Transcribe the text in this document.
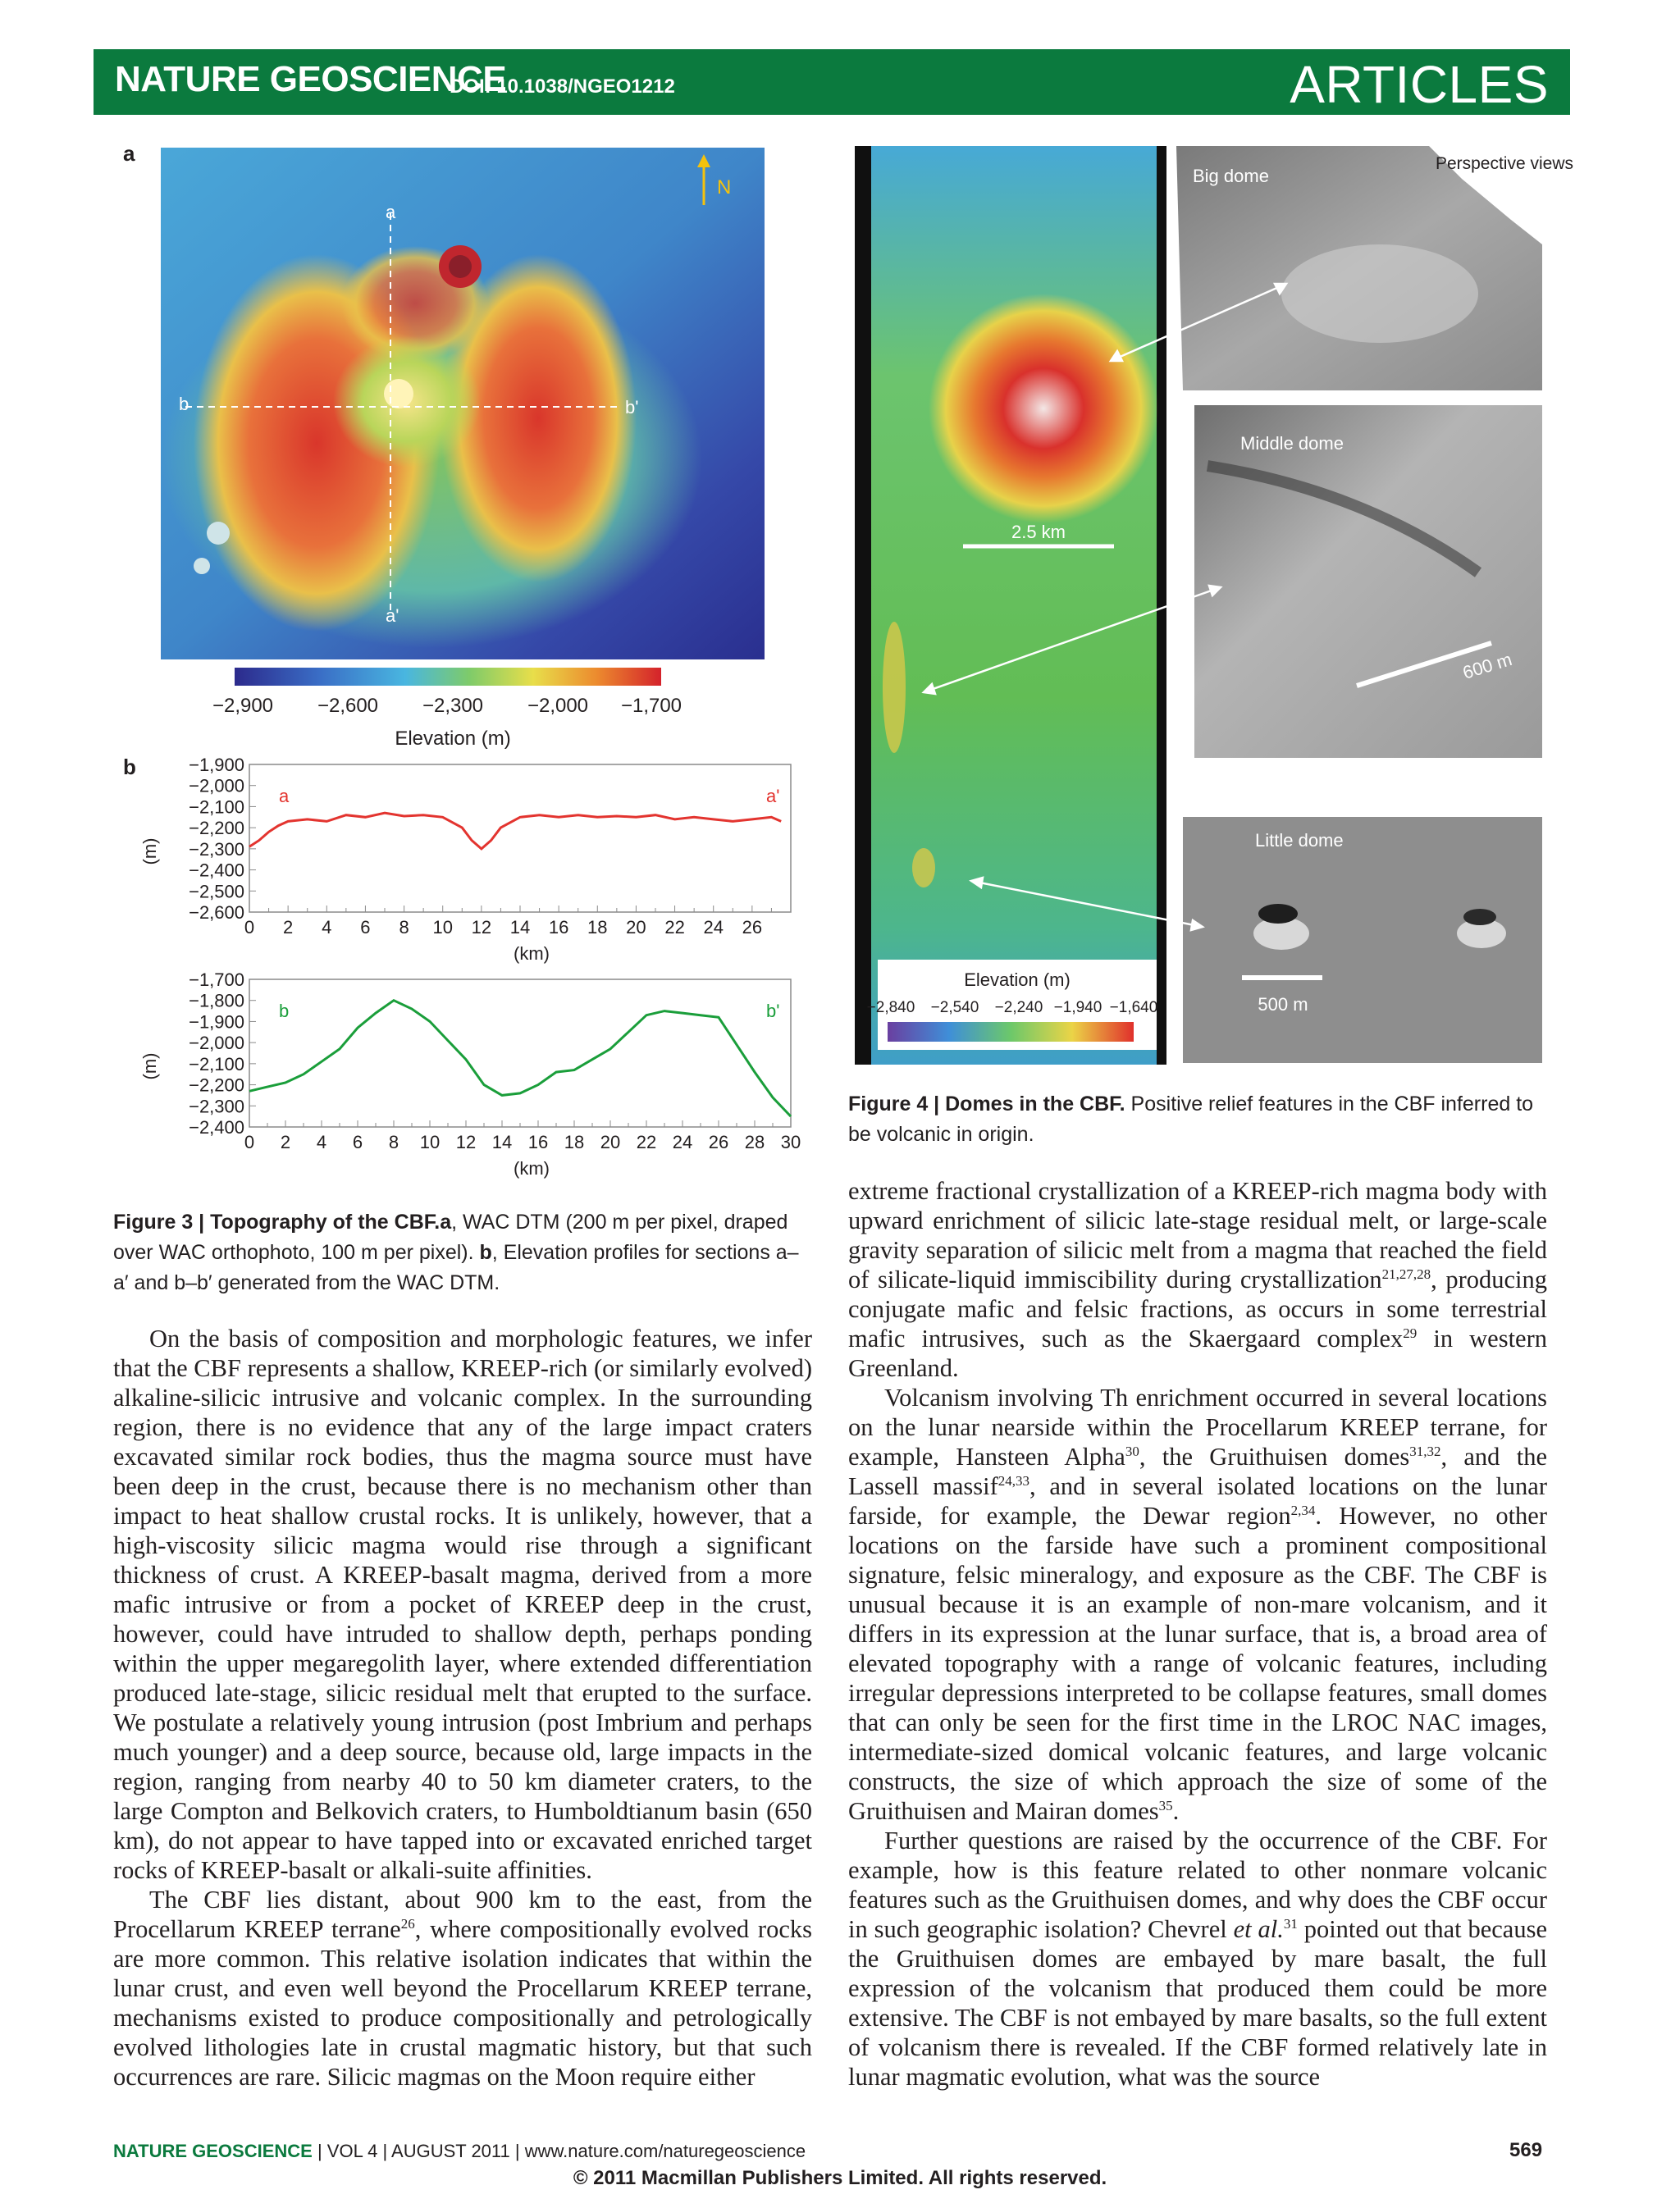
NATURE GEOSCIENCE
DOI: 10.1038/NGEO1212	ARTICLES
a
N
a
a'
b	b'
−2,900 −2,600 −2,300 −2,000 −1,700
Elevation (m)
b	−1,900
−2,000
−2,100
−2,200
−2,300
−2,400
−2,500
−2,600
0 2 4 6 8 10 12 14 16 18 20 22 24 26
(km)
(m)
a	a'
−1,700
−1,800
−1,900
−2,000
−2,100
−2,200
−2,300
−2,400
0 2 4 6 8 10 12 14 16 18 20 22 24 26 28 30
(km)
(m)
b	b'
Figure 3 | Topography of the CBF.a, WAC DTM (200 m per pixel, draped over WAC orthophoto, 100 m per pixel). b, Elevation profiles for sections a–a′ and b–b′ generated from the WAC DTM.
2.5 km
Elevation (m)
−2,840 −2,540 −2,240 −1,940 −1,640
Big dome
Perspective views
Middle dome
600 m
Little dome
500 m
Figure 4 | Domes in the CBF. Positive relief features in the CBF inferred to be volcanic in origin.

On the basis of composition and morphologic features, we infer that the CBF represents a shallow, KREEP-rich (or similarly evolved) alkaline-silicic intrusive and volcanic complex. In the surrounding region, there is no evidence that any of the large impact craters excavated similar rock bodies, thus the magma source must have been deep in the crust, because there is no mechanism other than impact to heat shallow crustal rocks. It is unlikely, however, that a high-viscosity silicic magma would rise through a significant thickness of crust. A KREEP-basalt magma, derived from a more mafic intrusive or from a pocket of KREEP deep in the crust, however, could have intruded to shallow depth, perhaps ponding within the upper megaregolith layer, where extended differentiation produced late-stage, silicic residual melt that erupted to the surface. We postulate a relatively young intrusion (post Imbrium and perhaps much younger) and a deep source, because old, large impacts in the region, ranging from nearby 40 to 50 km diameter craters, to the large Compton and Belkovich craters, to Humboldtianum basin (650 km), do not appear to have tapped into or excavated enriched target rocks of KREEP-basalt or alkali-suite affinities.

The CBF lies distant, about 900 km to the east, from the Procellarum KREEP terrane$^{26}$, where compositionally evolved rocks are more common. This relative isolation indicates that within the lunar crust, and even well beyond the Procellarum KREEP terrane, mechanisms existed to produce compositionally and petrologically evolved lithologies late in crustal magmatic history, but that such occurrences are rare. Silicic magmas on the Moon require either

extreme fractional crystallization of a KREEP-rich magma body with upward enrichment of silicic late-stage residual melt, or large-scale gravity separation of silicic melt from a magma that reached the field of silicate-liquid immiscibility during crystallization$^{21,27,28}$, producing conjugate mafic and felsic fractions, as occurs in some terrestrial mafic intrusives, such as the Skaergaard complex$^{29}$ in western Greenland.

Volcanism involving Th enrichment occurred in several locations on the lunar nearside within the Procellarum KREEP terrane, for example, Hansteen Alpha$^{30}$, the Gruithuisen domes$^{31,32}$, and the Lassell massif$^{24,33}$, and in several isolated locations on the lunar farside, for example, the Dewar region$^{2,34}$. However, no other locations on the farside have such a prominent compositional signature, felsic mineralogy, and exposure as the CBF. The CBF is unusual because it is an example of non-mare volcanism, and it differs in its expression at the lunar surface, that is, a broad area of elevated topography with a range of volcanic features, including irregular depressions interpreted to be collapse features, small domes that can only be seen for the first time in the LROC NAC images, intermediate-sized domical volcanic features, and large volcanic constructs, the size of which approach the size of some of the Gruithuisen and Mairan domes$^{35}$.

Further questions are raised by the occurrence of the CBF. For example, how is this feature related to other nonmare volcanic features such as the Gruithuisen domes, and why does the CBF occur in such geographic isolation? Chevrel et al.$^{31}$ pointed out that because the Gruithuisen domes are embayed by mare basalt, the full expression of the volcanism that produced them could be more extensive. The CBF is not embayed by mare basalts, so the full extent of volcanism there is revealed. If the CBF formed relatively late in lunar magmatic evolution, what was the source

NATURE GEOSCIENCE | VOL 4 | AUGUST 2011 | www.nature.com/naturegeoscience	569
© 2011 Macmillan Publishers Limited. All rights reserved.
